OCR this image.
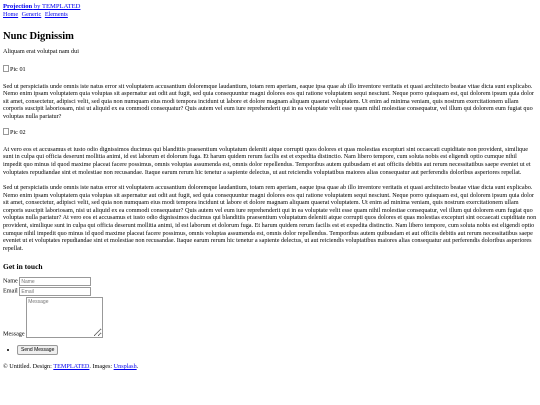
Projection by TEMPLATED
Home Generic Elements
Nunc Dignissim

Aliquam erat volutpat nam dui

Pic 01

Sed ut perspiciatis unde omnis iste natus error sit voluptatem accusantium doloremque laudantium, totam rem aperiam, eaque ipsa quae ab illo inventore veritatis et quasi architecto beatae vitae dicta sunt explicabo. Nemo enim ipsam voluptatem quia voluptas sit aspernatur aut odit aut fugit, sed quia consequuntur magni dolores eos qui ratione voluptatem sequi nesciunt. Neque porro quisquam est, qui dolorem ipsum quia dolor sit amet, consectetur, adipisci velit, sed quia non numquam eius modi tempora incidunt ut labore et dolore magnam aliquam quaerat voluptatem. Ut enim ad minima veniam, quis nostrum exercitationem ullam corporis suscipit laboriosam, nisi ut aliquid ex ea commodi consequatur? Quis autem vel eum iure reprehenderit qui in ea voluptate velit esse quam nihil molestiae consequatur, vel illum qui dolorem eum fugiat quo voluptas nulla pariatur?

Pic 02

At vero eos et accusamus et iusto odio dignissimos ducimus qui blanditiis praesentium voluptatum deleniti atque corrupti quos dolores et quas molestias excepturi sint occaecati cupiditate non provident, similique sunt in culpa qui officia deserunt mollitia animi, id est laborum et dolorum fuga. Et harum quidem rerum facilis est et expedita distinctio. Nam libero tempore, cum soluta nobis est eligendi optio cumque nihil impedit quo minus id quod maxime placeat facere possimus, omnis voluptas assumenda est, omnis dolor repellendus. Temporibus autem quibusdam et aut officiis debitis aut rerum necessitatibus saepe eveniet ut et voluptates repudiandae sint et molestiae non recusandae. Itaque earum rerum hic tenetur a sapiente delectus, ut aut reiciendis voluptatibus maiores alias consequatur aut perferendis doloribus asperiores repellat.

Sed ut perspiciatis unde omnis iste natus error sit voluptatem accusantium doloremque laudantium, totam rem aperiam, eaque ipsa quae ab illo inventore veritatis et quasi architecto beatae vitae dicta sunt explicabo. Nemo enim ipsam voluptatem quia voluptas sit aspernatur aut odit aut fugit, sed quia consequuntur magni dolores eos qui ratione voluptatem sequi nesciunt. Neque porro quisquam est, qui dolorem ipsum quia dolor sit amet, consectetur, adipisci velit, sed quia non numquam eius modi tempora incidunt ut labore et dolore magnam aliquam quaerat voluptatem. Ut enim ad minima veniam, quis nostrum exercitationem ullam corporis suscipit laboriosam, nisi ut aliquid ex ea commodi consequatur? Quis autem vel eum iure reprehenderit qui in ea voluptate velit esse quam nihil molestiae consequatur, vel illum qui dolorem eum fugiat quo voluptas nulla pariatur? At vero eos et accusamus et iusto odio dignissimos ducimus qui blanditiis praesentium voluptatum deleniti atque corrupti quos dolores et quas molestias excepturi sint occaecati cupiditate non provident, similique sunt in culpa qui officia deserunt mollitia animi, id est laborum et dolorum fuga. Et harum quidem rerum facilis est et expedita distinctio. Nam libero tempore, cum soluta nobis est eligendi optio cumque nihil impedit quo minus id quod maxime placeat facere possimus, omnis voluptas assumenda est, omnis dolor repellendus. Temporibus autem quibusdam et aut officiis debitis aut rerum necessitatibus saepe eveniet ut et voluptates repudiandae sint et molestiae non recusandae. Itaque earum rerum hic tenetur a sapiente delectus, ut aut reiciendis voluptatibus maiores alias consequatur aut perferendis doloribus asperiores repellat.

Get in touch
Name Name
Email Email
Message Message
• Send Message

© Untitled. Design: TEMPLATED. Images: Unsplash.
